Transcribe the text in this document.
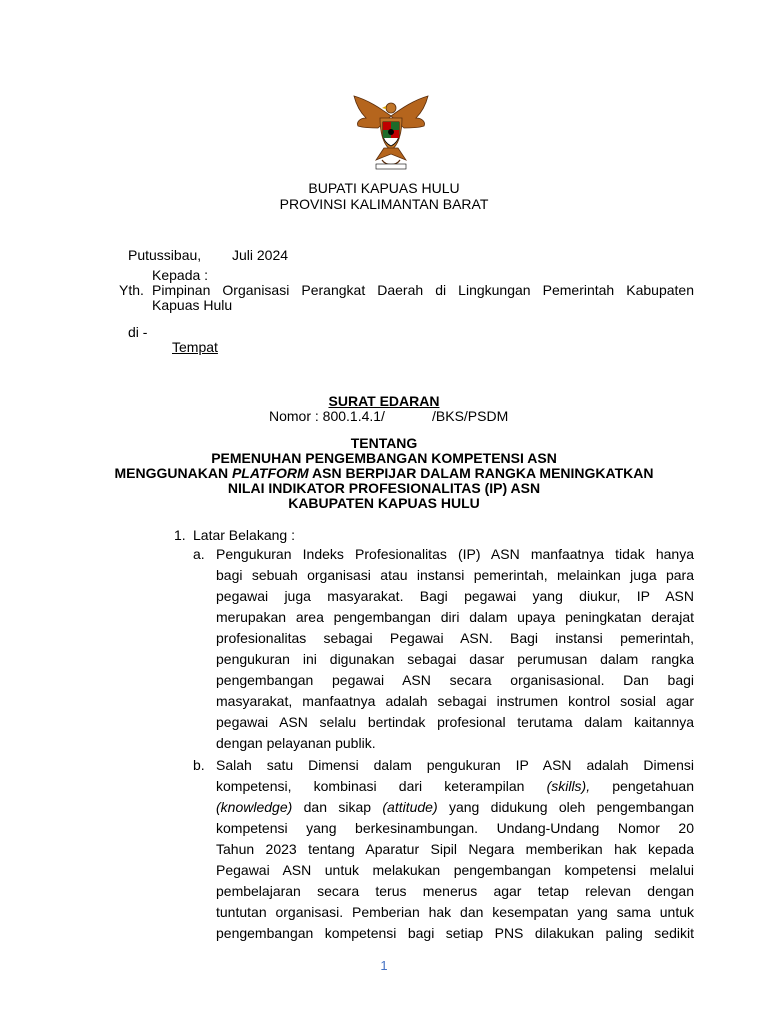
BUPATI KAPUAS HULU
PROVINSI KALIMANTAN BARAT
Putussibau, Juli 2024
Kepada :
Yth. Pimpinan Organisasi Perangkat Daerah di Lingkungan Pemerintah Kabupaten
Kapuas Hulu
di -
Tempat
SURAT EDARAN
Nomor : 800.1.4.1/	/BKS/PSDM
TENTANG
PEMENUHAN PENGEMBANGAN KOMPETENSI ASN
MENGGUNAKAN PLATFORM ASN BERPIJAR DALAM RANGKA MENINGKATKAN
NILAI INDIKATOR PROFESIONALITAS (IP) ASN
KABUPATEN KAPUAS HULU
1. Latar Belakang :
a. Pengukuran Indeks Profesionalitas (IP) ASN manfaatnya tidak hanya
bagi sebuah organisasi atau instansi pemerintah, melainkan juga para
pegawai juga masyarakat. Bagi pegawai yang diukur, IP ASN
merupakan area pengembangan diri dalam upaya peningkatan derajat
profesionalitas sebagai Pegawai ASN. Bagi instansi pemerintah,
pengukuran ini digunakan sebagai dasar perumusan dalam rangka
pengembangan pegawai ASN secara organisasional. Dan bagi
masyarakat, manfaatnya adalah sebagai instrumen kontrol sosial agar
pegawai ASN selalu bertindak profesional terutama dalam kaitannya
dengan pelayanan publik.
b. Salah satu Dimensi dalam pengukuran IP ASN adalah Dimensi
kompetensi, kombinasi dari keterampilan (skills), pengetahuan
(knowledge) dan sikap (attitude) yang didukung oleh pengembangan
kompetensi yang berkesinambungan. Undang-Undang Nomor 20
Tahun 2023 tentang Aparatur Sipil Negara memberikan hak kepada
Pegawai ASN untuk melakukan pengembangan kompetensi melalui
pembelajaran secara terus menerus agar tetap relevan dengan
tuntutan organisasi. Pemberian hak dan kesempatan yang sama untuk
pengembangan kompetensi bagi setiap PNS dilakukan paling sedikit
1
